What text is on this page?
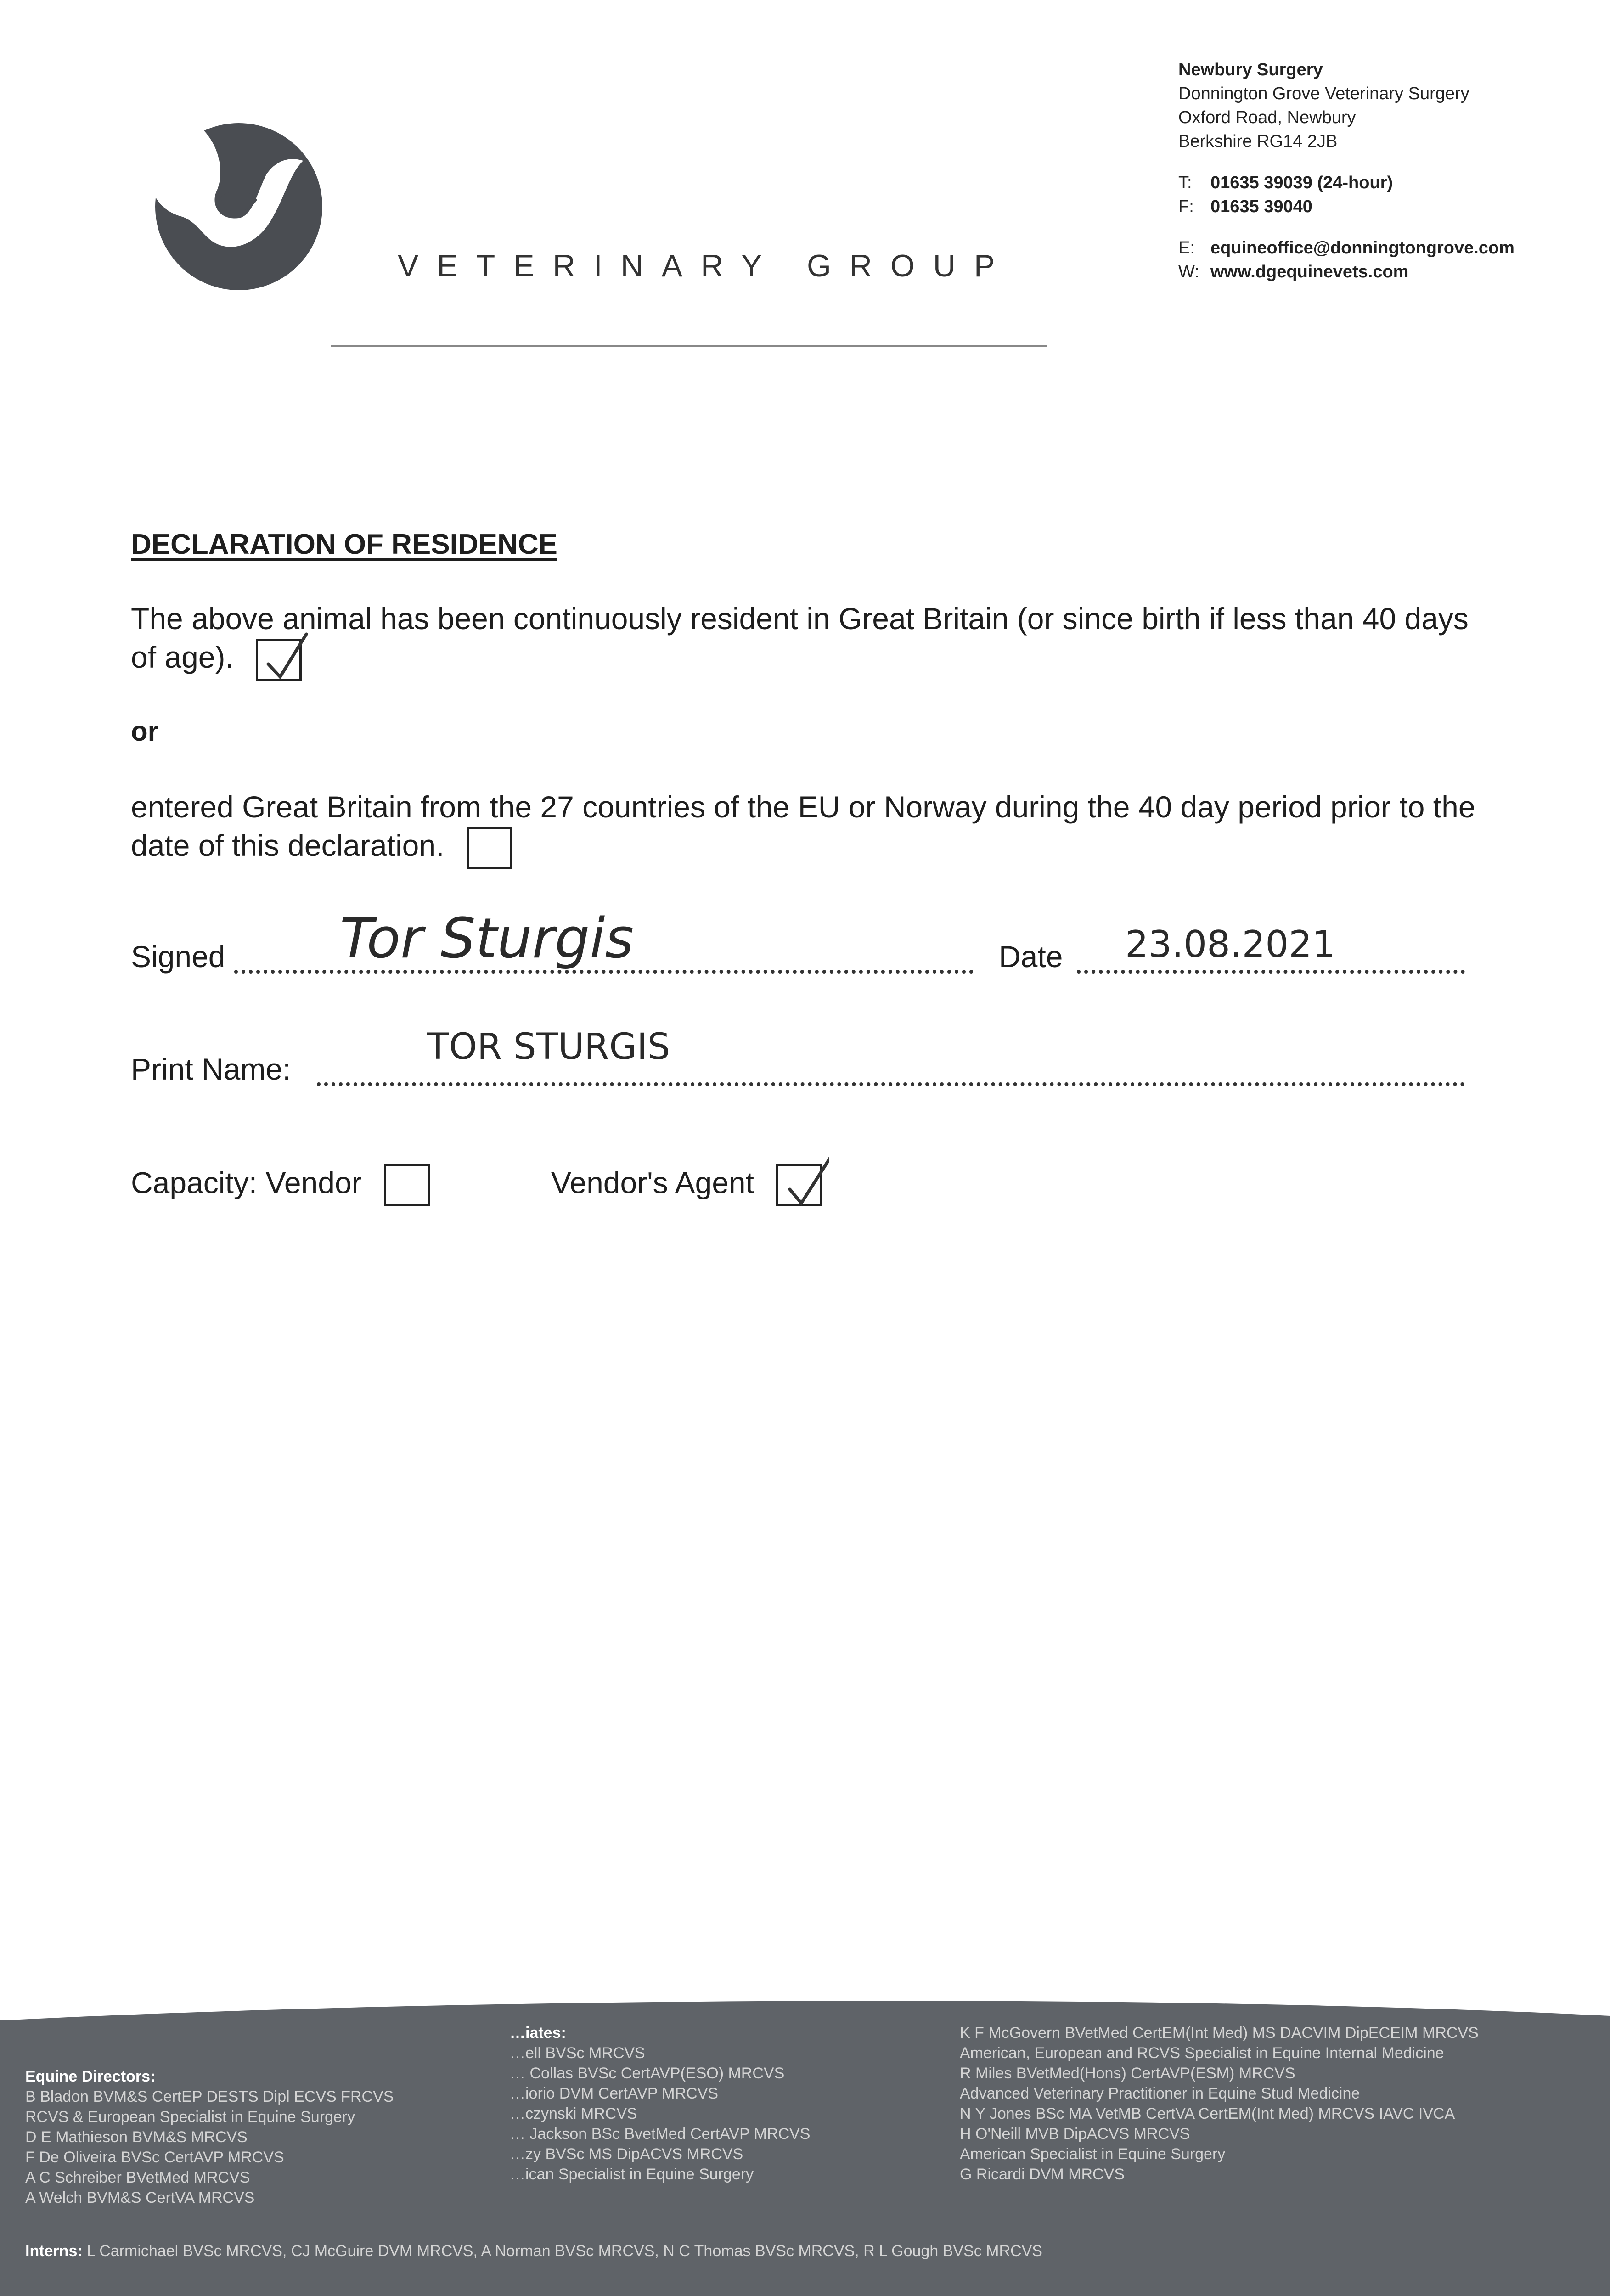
VETERINARY GROUP
Newbury Surgery
Donnington Grove Veterinary Surgery
Oxford Road, Newbury
Berkshire RG14 2JB
T: 01635 39039 (24-hour)
F: 01635 39040
E: equineoffice@donningtongrove.com
W: www.dgequinevets.com
DECLARATION OF RESIDENCE
The above animal has been continuously resident in Great Britain (or since birth if less than 40 days of age).
or
entered Great Britain from the 27 countries of the EU or Norway during the 40 day period prior to the date of this declaration.
Signed Tor Sturgis	Date 23.08.2021
Print Name:
TOR STURGIS
Capacity: Vendor	Vendor's Agent
Equine Directors:
B Bladon BVM&S CertEP DESTS Dipl ECVS FRCVS
RCVS & European Specialist in Equine Surgery
D E Mathieson BVM&S MRCVS
F De Oliveira BVSc CertAVP MRCVS
A C Schreiber BVetMed MRCVS
A Welch BVM&S CertVA MRCVS
…iates:
…ell BVSc MRCVS
… Collas BVSc CertAVP(ESO) MRCVS
…iorio DVM CertAVP MRCVS
…czynski MRCVS
… Jackson BSc BvetMed CertAVP MRCVS
…zy BVSc MS DipACVS MRCVS
…ican Specialist in Equine Surgery
K F McGovern BVetMed CertEM(Int Med) MS DACVIM DipECEIM MRCVS
American, European and RCVS Specialist in Equine Internal Medicine
R Miles BVetMed(Hons) CertAVP(ESM) MRCVS
Advanced Veterinary Practitioner in Equine Stud Medicine
N Y Jones BSc MA VetMB CertVA CertEM(Int Med) MRCVS IAVC IVCA
H O'Neill MVB DipACVS MRCVS
American Specialist in Equine Surgery
G Ricardi DVM MRCVS
Interns: L Carmichael BVSc MRCVS, CJ McGuire DVM MRCVS, A Norman BVSc MRCVS, N C Thomas BVSc MRCVS, R L Gough BVSc MRCVS
